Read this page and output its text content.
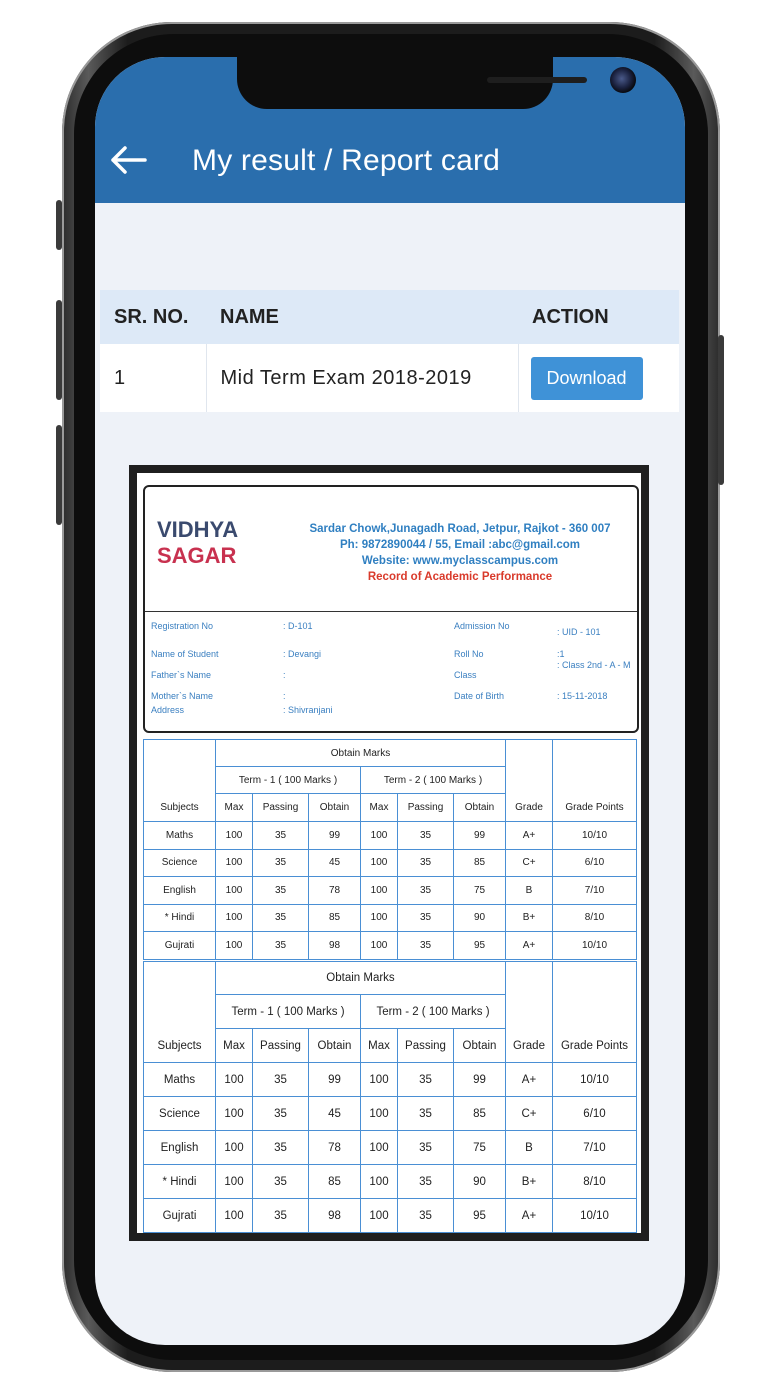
My result / Report card
SR. NO.	NAME	ACTION
1	Mid Term Exam 2018-2019	Download
VIDHYA
SAGAR
Sardar Chowk,Junagadh Road, Jetpur, Rajkot - 360 007
Ph: 9872890044 / 55, Email :abc@gmail.com
Website: www.myclasscampus.com
Record of Academic Performance
Registration No	: D-101	Admission No
: UID - 101
Name of Student	: Devangi	Roll No	:1
Father`s Name	:	Class
: Class 2nd - A - M
Mother`s Name	:	Date of Birth	: 15-11-2018
Address	: Shivranjani
Subjects	Obtain Marks						Grade	Grade Points
	Term - 1 ( 100 Marks )			Term - 2 ( 100 Marks )				
	Max	Passing	Obtain	Max	Passing	Obtain		
Maths	100	35	99	100	35	99	A+	10/10
Science	100	35	45	100	35	85	C+	6/10
English	100	35	78	100	35	75	B	7/10
* Hindi	100	35	85	100	35	90	B+	8/10
Gujrati	100	35	98	100	35	95	A+	10/10
Subjects	Obtain Marks						Grade	Grade Points
	Term - 1 ( 100 Marks )			Term - 2 ( 100 Marks )				
	Max	Passing	Obtain	Max	Passing	Obtain		
Maths	100	35	99	100	35	99	A+	10/10
Science	100	35	45	100	35	85	C+	6/10
English	100	35	78	100	35	75	B	7/10
* Hindi	100	35	85	100	35	90	B+	8/10
Gujrati	100	35	98	100	35	95	A+	10/10
